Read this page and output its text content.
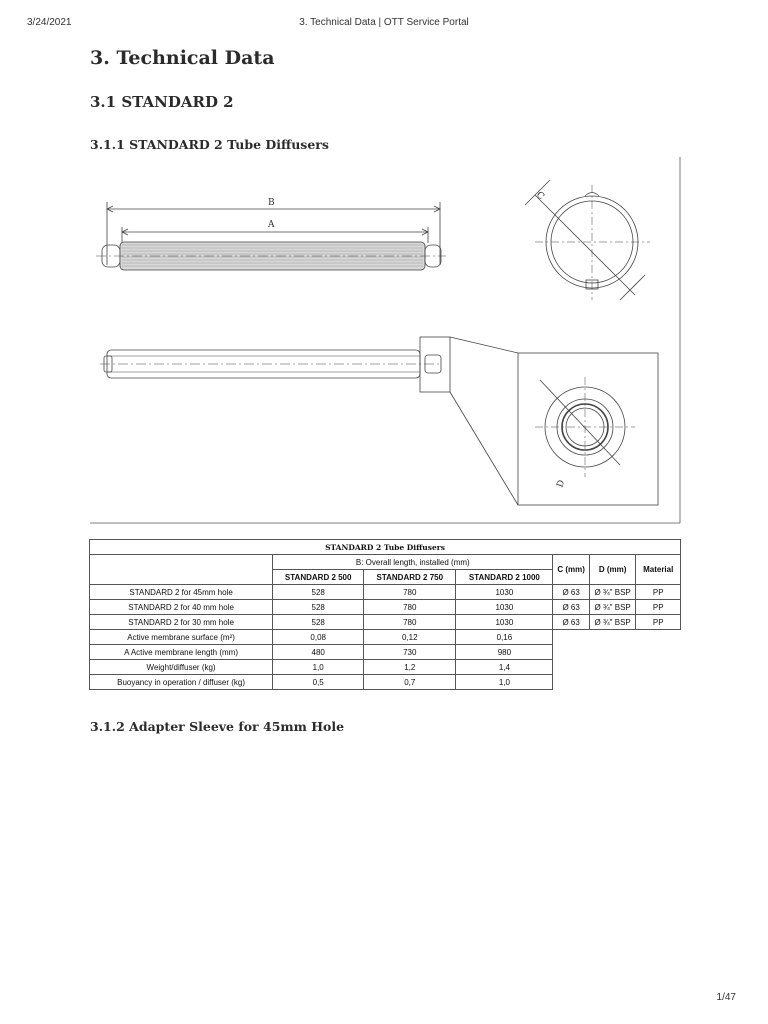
3/24/2021	3. Technical Data | OTT Service Portal
3. Technical Data
3.1 STANDARD 2
3.1.1 STANDARD 2 Tube Diffusers
B
A
C
D
STANDARD 2 Tube Diffusers						
	B: Overall length, installed (mm)			C (mm)	D (mm)	Material
	STANDARD 2 500	STANDARD 2 750	STANDARD 2 1000			
STANDARD 2 for 45mm hole	528	780	1030	Ø 63	Ø ¾" BSP	PP
STANDARD 2 for 40 mm hole	528	780	1030	Ø 63	Ø ¾" BSP	PP
STANDARD 2 for 30 mm hole	528	780	1030	Ø 63	Ø ¾" BSP	PP
Active membrane surface (m²)	0,08	0,12	0,16			
A Active membrane length (mm)	480	730	980			
Weight/diffuser (kg)	1,0	1,2	1,4			
Buoyancy in operation / diffuser (kg)	0,5	0,7	1,0			
3.1.2 Adapter Sleeve for 45mm Hole
1/47
